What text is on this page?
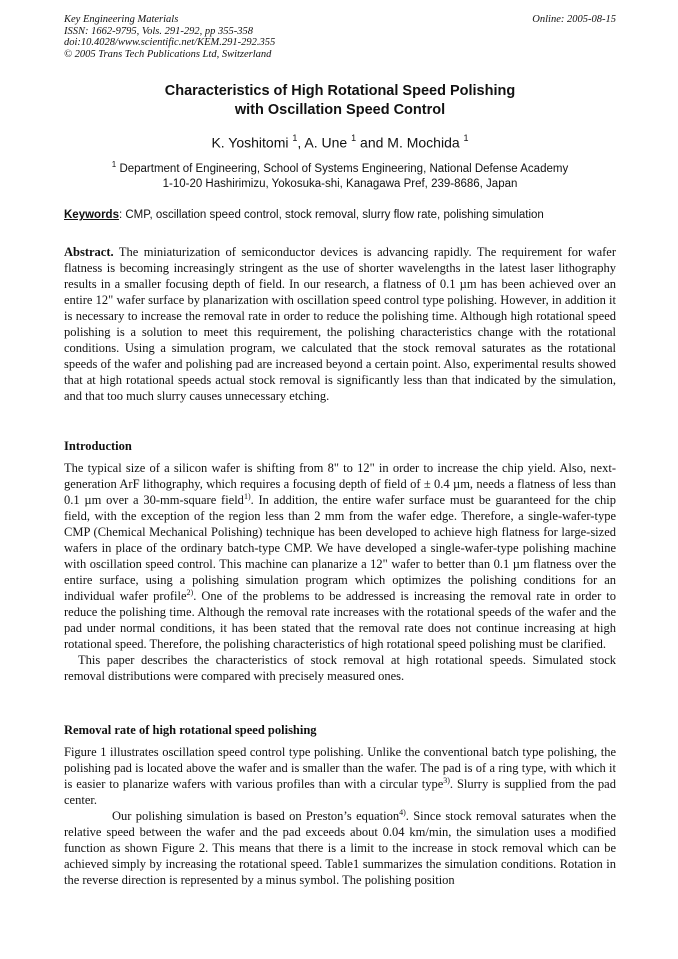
Key Engineering Materials
ISSN: 1662-9795, Vols. 291-292, pp 355-358
doi:10.4028/www.scientific.net/KEM.291-292.355
© 2005 Trans Tech Publications Ltd, Switzerland
Online: 2005-08-15
Characteristics of High Rotational Speed Polishing
with Oscillation Speed Control
K. Yoshitomi $^1$, A. Une $^1$ and M. Mochida $^1$
$^1$ Department of Engineering, School of Systems Engineering, National Defense Academy
1-10-20 Hashirimizu, Yokosuka-shi, Kanagawa Pref, 239-8686, Japan
Keywords: CMP, oscillation speed control, stock removal, slurry flow rate, polishing simulation

Abstract. The miniaturization of semiconductor devices is advancing rapidly. The requirement for wafer flatness is becoming increasingly stringent as the use of shorter wavelengths in the latest laser lithography results in a smaller focusing depth of field. In our research, a flatness of 0.1 µm has been achieved over an entire 12" wafer surface by planarization with oscillation speed control type polishing. However, in addition it is necessary to increase the removal rate in order to reduce the polishing time. Although high rotational speed polishing is a solution to meet this requirement, the polishing characteristics change with the rotational conditions. Using a simulation program, we calculated that the stock removal saturates as the rotational speeds of the wafer and polishing pad are increased beyond a certain point. Also, experimental results showed that at high rotational speeds actual stock removal is significantly less than that indicated by the simulation, and that too much slurry causes unnecessary etching.

Introduction

The typical size of a silicon wafer is shifting from 8" to 12" in order to increase the chip yield. Also, next-generation ArF lithography, which requires a focusing depth of field of ± 0.4 µm, needs a flatness of less than 0.1 µm over a 30-mm-square field$^{1)}$. In addition, the entire wafer surface must be guaranteed for the chip field, with the exception of the region less than 2 mm from the wafer edge. Therefore, a single-wafer-type CMP (Chemical Mechanical Polishing) technique has been developed to achieve high flatness for large-sized wafers in place of the ordinary batch-type CMP. We have developed a single-wafer-type polishing machine with oscillation speed control. This machine can planarize a 12" wafer to better than 0.1 µm flatness over the entire surface, using a polishing simulation program which optimizes the polishing conditions for an individual wafer profile$^{2)}$. One of the problems to be addressed is increasing the removal rate in order to reduce the polishing time. Although the removal rate increases with the rotational speeds of the wafer and the pad under normal conditions, it has been stated that the removal rate does not continue increasing at high rotational speed. Therefore, the polishing characteristics of high rotational speed polishing must be clarified.

This paper describes the characteristics of stock removal at high rotational speeds. Simulated stock removal distributions were compared with precisely measured ones.

Removal rate of high rotational speed polishing

Figure 1 illustrates oscillation speed control type polishing. Unlike the conventional batch type polishing, the polishing pad is located above the wafer and is smaller than the wafer. The pad is of a ring type, with which it is easier to planarize wafers with various profiles than with a circular type$^{3)}$. Slurry is supplied from the pad center.

Our polishing simulation is based on Preston’s equation$^{4)}$. Since stock removal saturates when the relative speed between the wafer and the pad exceeds about 0.04 km/min, the simulation uses a modified function as shown Figure 2. This means that there is a limit to the increase in stock removal which can be achieved simply by increasing the rotational speed. Table1 summarizes the simulation conditions. Rotation in the reverse direction is represented by a minus symbol. The polishing position
